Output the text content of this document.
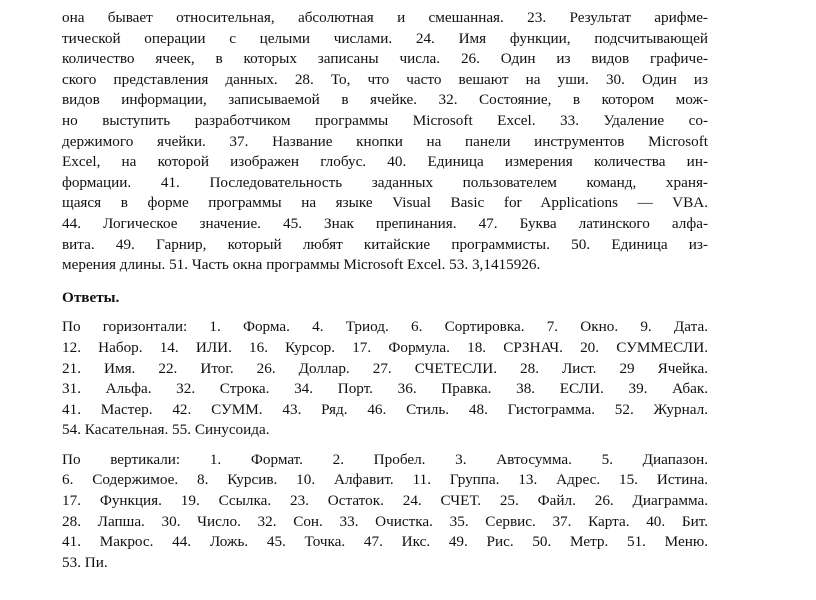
она бывает относительная, абсолютная и смешанная. 23. Результат арифме-
тической операции с целыми числами. 24. Имя функции, подсчитывающей
количество ячеек, в которых записаны числа. 26. Один из видов графиче-
ского представления данных. 28. То, что часто вешают на уши. 30. Один из
видов информации, записываемой в ячейке. 32. Состояние, в котором мож-
но выступить разработчиком программы Microsoft Excel. 33. Удаление со-
держимого ячейки. 37. Название кнопки на панели инструментов Microsoft
Excel, на которой изображен глобус. 40. Единица измерения количества ин-
формации. 41. Последовательность заданных пользователем команд, храня-
щаяся в форме программы на языке Visual Basic for Applications — VBA.
44. Логическое значение. 45. Знак препинания. 47. Буква латинского алфа-
вита. 49. Гарнир, который любят китайские программисты. 50. Единица из-
мерения длины. 51. Часть окна программы Microsoft Excel. 53. 3,1415926.
Ответы.
По горизонтали: 1. Форма. 4. Триод. 6. Сортировка. 7. Окно. 9. Дата.
12. Набор. 14. ИЛИ. 16. Курсор. 17. Формула. 18. СРЗНАЧ. 20. СУММЕСЛИ.
21. Имя. 22. Итог. 26. Доллар. 27. СЧЕТЕСЛИ. 28. Лист. 29 Ячейка.
31. Альфа. 32. Строка. 34. Порт. 36. Правка. 38. ЕСЛИ. 39. Абак.
41. Мастер. 42. СУММ. 43. Ряд. 46. Стиль. 48. Гистограмма. 52. Журнал.
54. Касательная. 55. Синусоида.
По вертикали: 1. Формат. 2. Пробел. 3. Автосумма. 5. Диапазон.
6. Содержимое. 8. Курсив. 10. Алфавит. 11. Группа. 13. Адрес. 15. Истина.
17. Функция. 19. Ссылка. 23. Остаток. 24. СЧЕТ. 25. Файл. 26. Диаграмма.
28. Лапша. 30. Число. 32. Сон. 33. Очистка. 35. Сервис. 37. Карта. 40. Бит.
41. Макрос. 44. Ложь. 45. Точка. 47. Икс. 49. Рис. 50. Метр. 51. Меню.
53. Пи.
